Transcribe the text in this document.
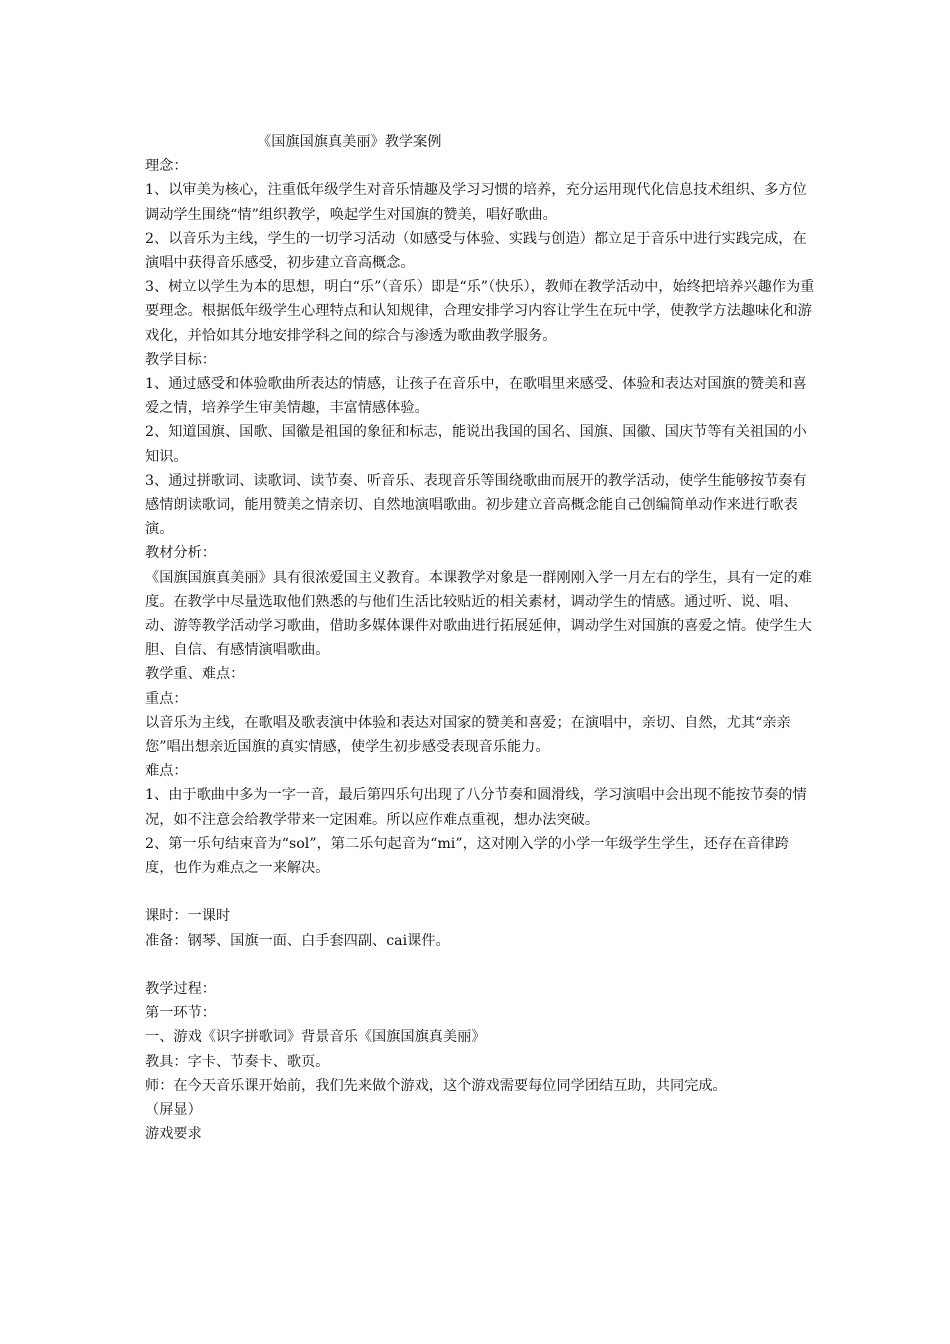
《国旗国旗真美丽》教学案例

理念：

1、以审美为核心，注重低年级学生对音乐情趣及学习习惯的培养，充分运用现代化信息技术组织、多方位调动学生围绕“情”组织教学，唤起学生对国旗的赞美，唱好歌曲。

2、以音乐为主线，学生的一切学习活动（如感受与体验、实践与创造）都立足于音乐中进行实践完成，在演唱中获得音乐感受，初步建立音高概念。

3、树立以学生为本的思想，明白“乐”（音乐）即是“乐”（快乐），教师在教学活动中，始终把培养兴趣作为重要理念。根据低年级学生心理特点和认知规律，合理安排学习内容让学生在玩中学，使教学方法趣味化和游戏化，并恰如其分地安排学科之间的综合与渗透为歌曲教学服务。

教学目标：

1、通过感受和体验歌曲所表达的情感，让孩子在音乐中，在歌唱里来感受、体验和表达对国旗的赞美和喜爱之情，培养学生审美情趣，丰富情感体验。

2、知道国旗、国歌、国徽是祖国的象征和标志，能说出我国的国名、国旗、国徽、国庆节等有关祖国的小知识。

3、通过拼歌词、读歌词、读节奏、听音乐、表现音乐等围绕歌曲而展开的教学活动，使学生能够按节奏有感情朗读歌词，能用赞美之情亲切、自然地演唱歌曲。初步建立音高概念能自己创编简单动作来进行歌表演。

教材分析：

《国旗国旗真美丽》具有很浓爱国主义教育。本课教学对象是一群刚刚入学一月左右的学生，具有一定的难度。在教学中尽量选取他们熟悉的与他们生活比较贴近的相关素材，调动学生的情感。通过听、说、唱、动、游等教学活动学习歌曲，借助多媒体课件对歌曲进行拓展延伸，调动学生对国旗的喜爱之情。使学生大胆、自信、有感情演唱歌曲。

教学重、难点：

重点：

以音乐为主线，在歌唱及歌表演中体验和表达对国家的赞美和喜爱；在演唱中，亲切、自然，尤其“亲亲您”唱出想亲近国旗的真实情感，使学生初步感受表现音乐能力。

难点：

1、由于歌曲中多为一字一音，最后第四乐句出现了八分节奏和圆滑线，学习演唱中会出现不能按节奏的情况，如不注意会给教学带来一定困难。所以应作难点重视，想办法突破。

2、第一乐句结束音为“sol”，第二乐句起音为“mi”，这对刚入学的小学一年级学生学生，还存在音律跨度，也作为难点之一来解决。

课时：一课时

准备：钢琴、国旗一面、白手套四副、cai课件。

教学过程：

第一环节：

一、游戏《识字拼歌词》背景音乐《国旗国旗真美丽》

教具：字卡、节奏卡、歌页。

师：在今天音乐课开始前，我们先来做个游戏，这个游戏需要每位同学团结互助，共同完成。

（屏显）

游戏要求
